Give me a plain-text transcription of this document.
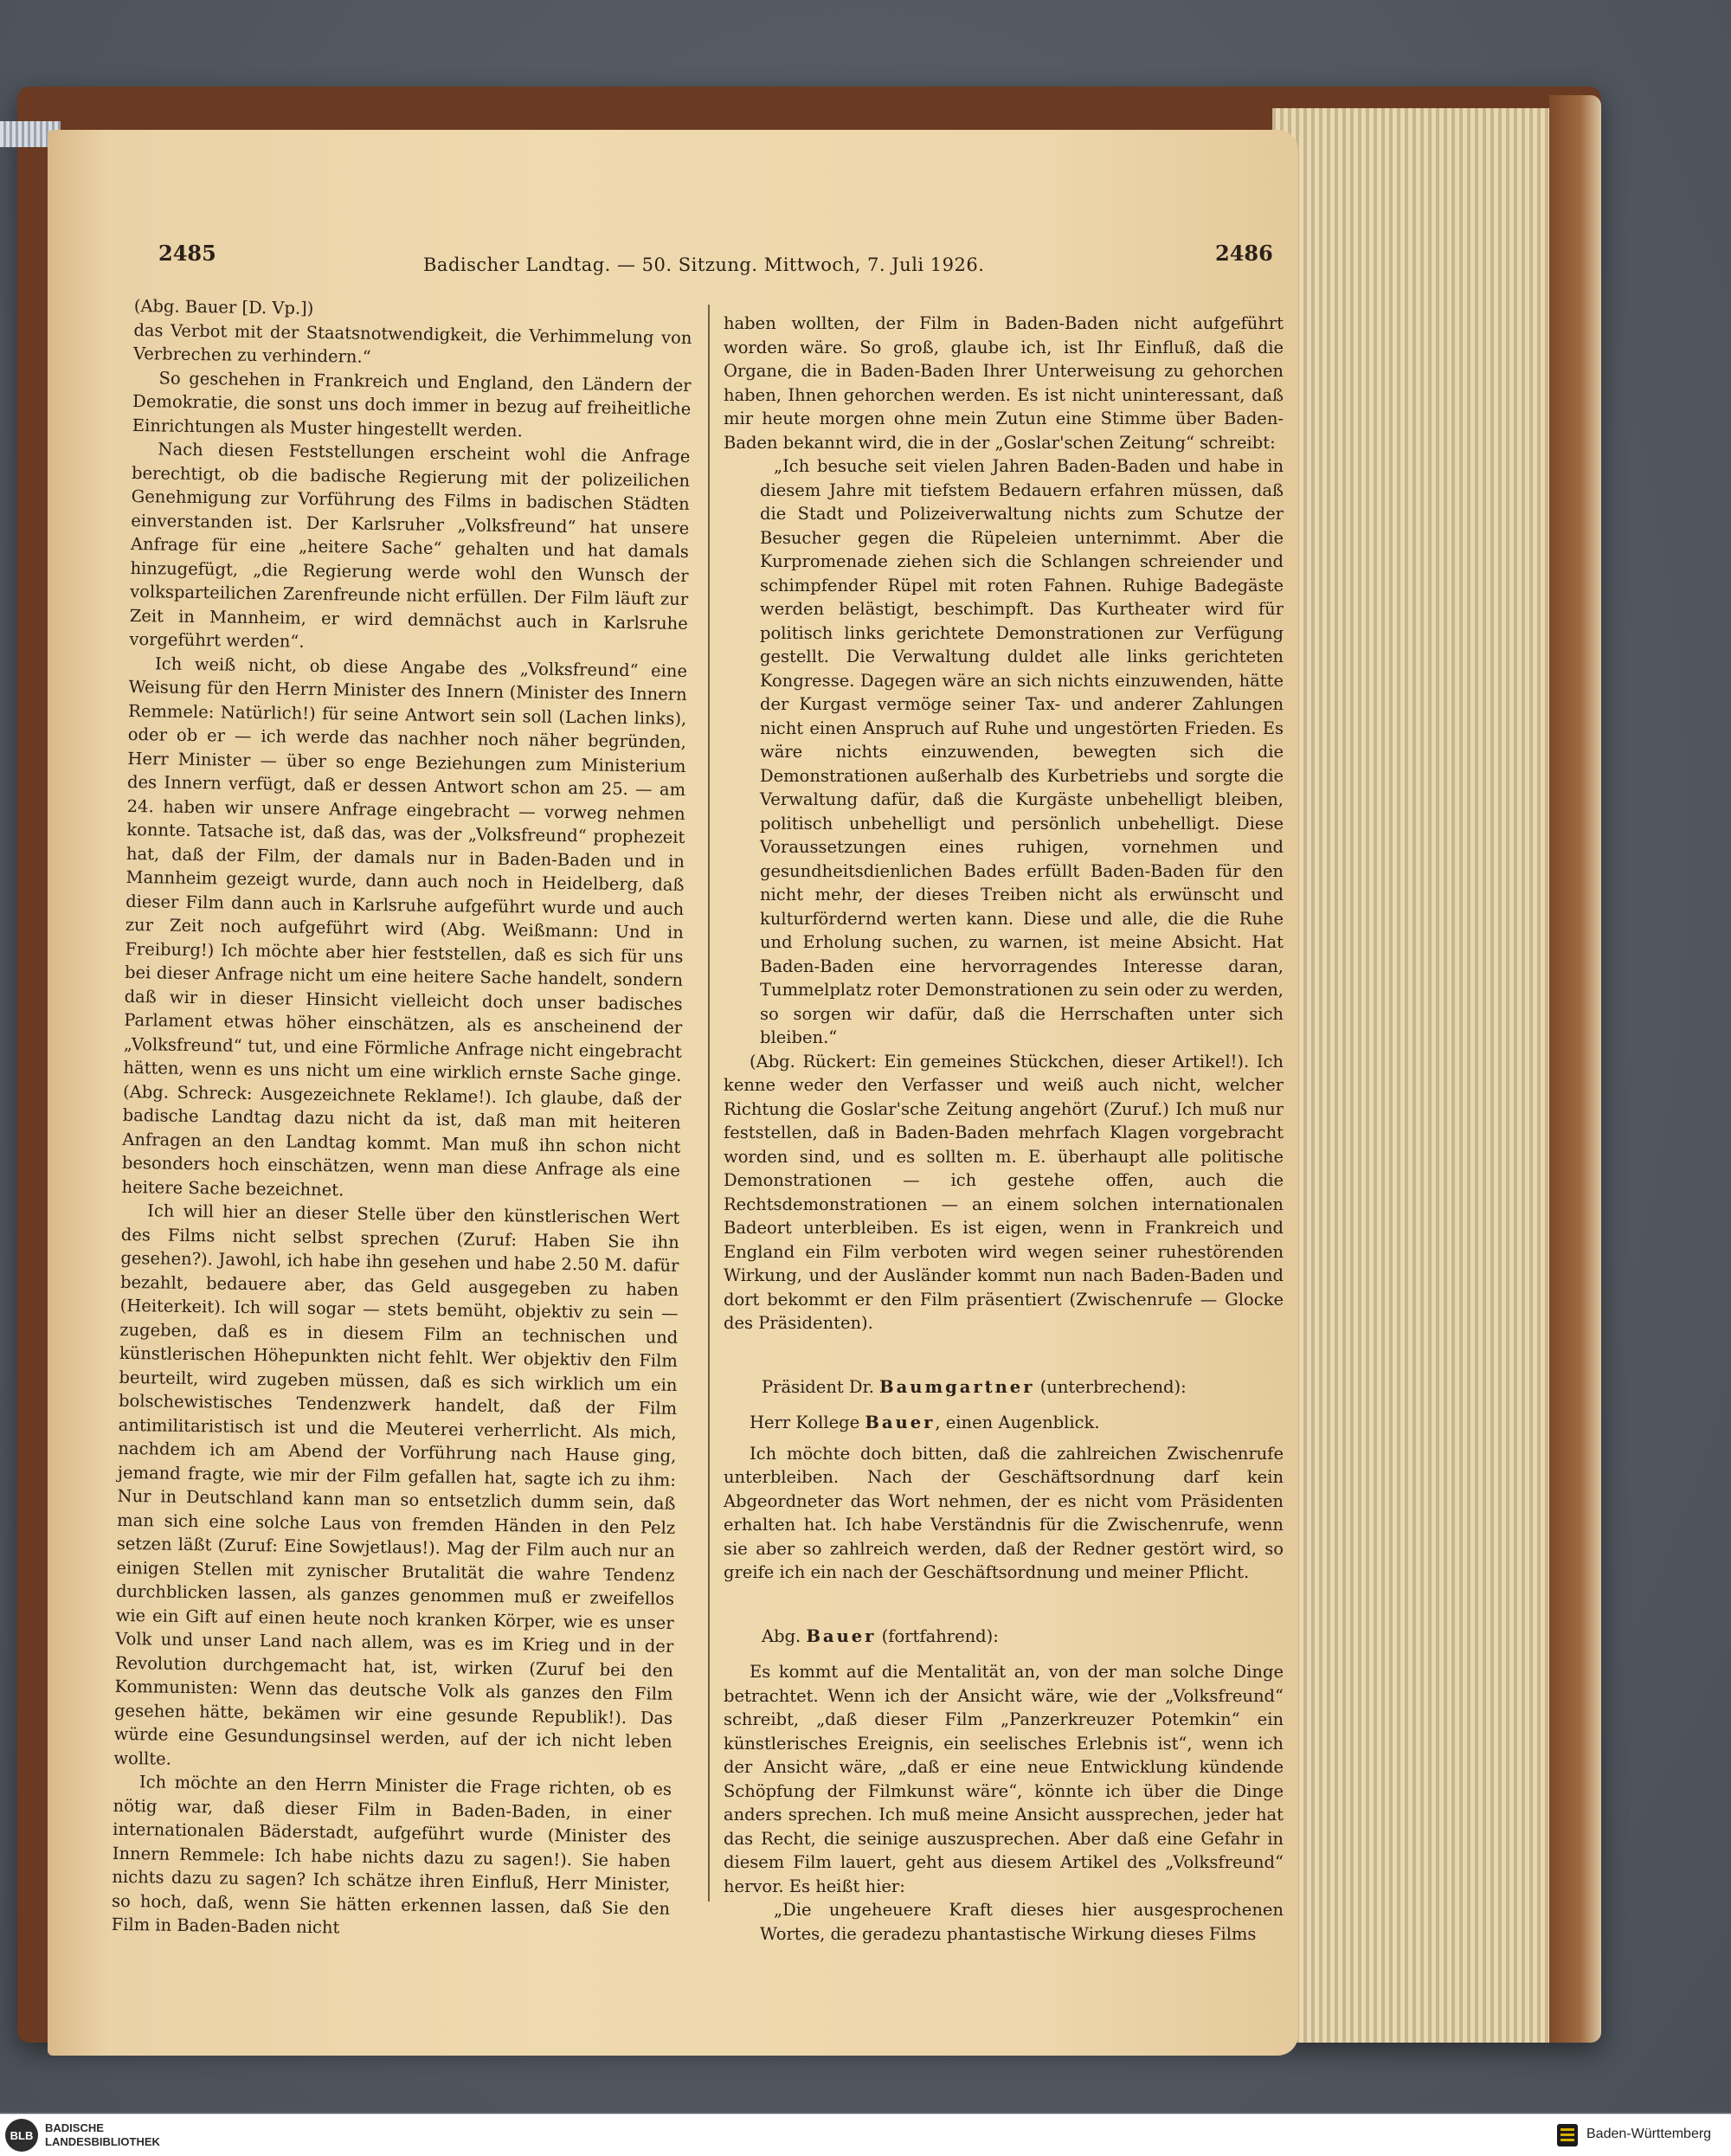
2485	Badischer Landtag. — 50. Sitzung. Mittwoch, 7. Juli 1926.	2486

(Abg. Bauer [D. Vp.])

das Verbot mit der Staatsnotwendigkeit, die Verhimmelung von Verbrechen zu verhindern.“

So geschehen in Frankreich und England, den Ländern der Demokratie, die sonst uns doch immer in bezug auf freiheitliche Einrichtungen als Muster hingestellt werden.

Nach diesen Feststellungen erscheint wohl die Anfrage berechtigt, ob die badische Regierung mit der polizeilichen Genehmigung zur Vorführung des Films in badischen Städten einverstanden ist. Der Karlsruher „Volksfreund“ hat unsere Anfrage für eine „heitere Sache“ gehalten und hat damals hinzugefügt, „die Regierung werde wohl den Wunsch der volksparteilichen Zarenfreunde nicht erfüllen. Der Film läuft zur Zeit in Mannheim, er wird demnächst auch in Karlsruhe vorgeführt werden“.

Ich weiß nicht, ob diese Angabe des „Volksfreund“ eine Weisung für den Herrn Minister des Innern (Minister des Innern Remmele: Natürlich!) für seine Antwort sein soll (Lachen links), oder ob er — ich werde das nachher noch näher begründen, Herr Minister — über so enge Beziehungen zum Ministerium des Innern verfügt, daß er dessen Antwort schon am 25. — am 24. haben wir unsere Anfrage eingebracht — vorweg nehmen konnte. Tatsache ist, daß das, was der „Volksfreund“ prophezeit hat, daß der Film, der damals nur in Baden-Baden und in Mannheim gezeigt wurde, dann auch noch in Heidelberg, daß dieser Film dann auch in Karlsruhe aufgeführt wurde und auch zur Zeit noch aufgeführt wird (Abg. Weißmann: Und in Freiburg!) Ich möchte aber hier feststellen, daß es sich für uns bei dieser Anfrage nicht um eine heitere Sache handelt, sondern daß wir in dieser Hinsicht vielleicht doch unser badisches Parlament etwas höher einschätzen, als es anscheinend der „Volksfreund“ tut, und eine Förmliche Anfrage nicht eingebracht hätten, wenn es uns nicht um eine wirklich ernste Sache ginge. (Abg. Schreck: Ausgezeichnete Reklame!). Ich glaube, daß der badische Landtag dazu nicht da ist, daß man mit heiteren Anfragen an den Landtag kommt. Man muß ihn schon nicht besonders hoch einschätzen, wenn man diese Anfrage als eine heitere Sache bezeichnet.

Ich will hier an dieser Stelle über den künstlerischen Wert des Films nicht selbst sprechen (Zuruf: Haben Sie ihn gesehen?). Jawohl, ich habe ihn gesehen und habe 2.50 M. dafür bezahlt, bedauere aber, das Geld ausgegeben zu haben (Heiterkeit). Ich will sogar — stets bemüht, objektiv zu sein — zugeben, daß es in diesem Film an technischen und künstlerischen Höhepunkten nicht fehlt. Wer objektiv den Film beurteilt, wird zugeben müssen, daß es sich wirklich um ein bolschewistisches Tendenzwerk handelt, daß der Film antimilitaristisch ist und die Meuterei verherrlicht. Als mich, nachdem ich am Abend der Vorführung nach Hause ging, jemand fragte, wie mir der Film gefallen hat, sagte ich zu ihm: Nur in Deutschland kann man so entsetzlich dumm sein, daß man sich eine solche Laus von fremden Händen in den Pelz setzen läßt (Zuruf: Eine Sowjetlaus!). Mag der Film auch nur an einigen Stellen mit zynischer Brutalität die wahre Tendenz durchblicken lassen, als ganzes genommen muß er zweifellos wie ein Gift auf einen heute noch kranken Körper, wie es unser Volk und unser Land nach allem, was es im Krieg und in der Revolution durchgemacht hat, ist, wirken (Zuruf bei den Kommunisten: Wenn das deutsche Volk als ganzes den Film gesehen hätte, bekämen wir eine gesunde Republik!). Das würde eine Gesundungsinsel werden, auf der ich nicht leben wollte.

Ich möchte an den Herrn Minister die Frage richten, ob es nötig war, daß dieser Film in Baden-Baden, in einer internationalen Bäderstadt, aufgeführt wurde (Minister des Innern Remmele: Ich habe nichts dazu zu sagen!). Sie haben nichts dazu zu sagen? Ich schätze ihren Einfluß, Herr Minister, so hoch, daß, wenn Sie hätten erkennen lassen, daß Sie den Film in Baden-Baden nicht

haben wollten, der Film in Baden-Baden nicht aufgeführt worden wäre. So groß, glaube ich, ist Ihr Einfluß, daß die Organe, die in Baden-Baden Ihrer Unterweisung zu gehorchen haben, Ihnen gehorchen werden. Es ist nicht uninteressant, daß mir heute morgen ohne mein Zutun eine Stimme über Baden-Baden bekannt wird, die in der „Goslar'schen Zeitung“ schreibt:

„Ich besuche seit vielen Jahren Baden-Baden und habe in diesem Jahre mit tiefstem Bedauern erfahren müssen, daß die Stadt und Polizeiverwaltung nichts zum Schutze der Besucher gegen die Rüpeleien unternimmt. Aber die Kurpromenade ziehen sich die Schlangen schreiender und schimpfender Rüpel mit roten Fahnen. Ruhige Badegäste werden belästigt, beschimpft. Das Kurtheater wird für politisch links gerichtete Demonstrationen zur Verfügung gestellt. Die Verwaltung duldet alle links gerichteten Kongresse. Dagegen wäre an sich nichts einzuwenden, hätte der Kurgast vermöge seiner Tax- und anderer Zahlungen nicht einen Anspruch auf Ruhe und ungestörten Frieden. Es wäre nichts einzuwenden, bewegten sich die Demonstrationen außerhalb des Kurbetriebs und sorgte die Verwaltung dafür, daß die Kurgäste unbehelligt bleiben, politisch unbehelligt und persönlich unbehelligt. Diese Voraussetzungen eines ruhigen, vornehmen und gesundheitsdienlichen Bades erfüllt Baden-Baden für den nicht mehr, der dieses Treiben nicht als erwünscht und kulturfördernd werten kann. Diese und alle, die die Ruhe und Erholung suchen, zu warnen, ist meine Absicht. Hat Baden-Baden eine hervorragendes Interesse daran, Tummelplatz roter Demonstrationen zu sein oder zu werden, so sorgen wir dafür, daß die Herrschaften unter sich bleiben.“

(Abg. Rückert: Ein gemeines Stückchen, dieser Artikel!). Ich kenne weder den Verfasser und weiß auch nicht, welcher Richtung die Goslar'sche Zeitung angehört (Zuruf.) Ich muß nur feststellen, daß in Baden-Baden mehrfach Klagen vorgebracht worden sind, und es sollten m. E. überhaupt alle politische Demonstrationen — ich gestehe offen, auch die Rechtsdemonstrationen — an einem solchen internationalen Badeort unterbleiben. Es ist eigen, wenn in Frankreich und England ein Film verboten wird wegen seiner ruhestörenden Wirkung, und der Ausländer kommt nun nach Baden-Baden und dort bekommt er den Film präsentiert (Zwischenrufe — Glocke des Präsidenten).

Präsident Dr. Baumgartner (unterbrechend):

Herr Kollege Bauer, einen Augenblick.

Ich möchte doch bitten, daß die zahlreichen Zwischenrufe unterbleiben. Nach der Geschäftsordnung darf kein Abgeordneter das Wort nehmen, der es nicht vom Präsidenten erhalten hat. Ich habe Verständnis für die Zwischenrufe, wenn sie aber so zahlreich werden, daß der Redner gestört wird, so greife ich ein nach der Geschäftsordnung und meiner Pflicht.

Abg. Bauer (fortfahrend):

Es kommt auf die Mentalität an, von der man solche Dinge betrachtet. Wenn ich der Ansicht wäre, wie der „Volksfreund“ schreibt, „daß dieser Film „Panzerkreuzer Potemkin“ ein künstlerisches Ereignis, ein seelisches Erlebnis ist“, wenn ich der Ansicht wäre, „daß er eine neue Entwicklung kündende Schöpfung der Filmkunst wäre“, könnte ich über die Dinge anders sprechen. Ich muß meine Ansicht aussprechen, jeder hat das Recht, die seinige auszusprechen. Aber daß eine Gefahr in diesem Film lauert, geht aus diesem Artikel des „Volksfreund“ hervor. Es heißt hier:

„Die ungeheuere Kraft dieses hier ausgesprochenen Wortes, die geradezu phantastische Wirkung dieses Films

BLB
BADISCHE
LANDESBIBLIOTHEK
Baden-Württemberg
